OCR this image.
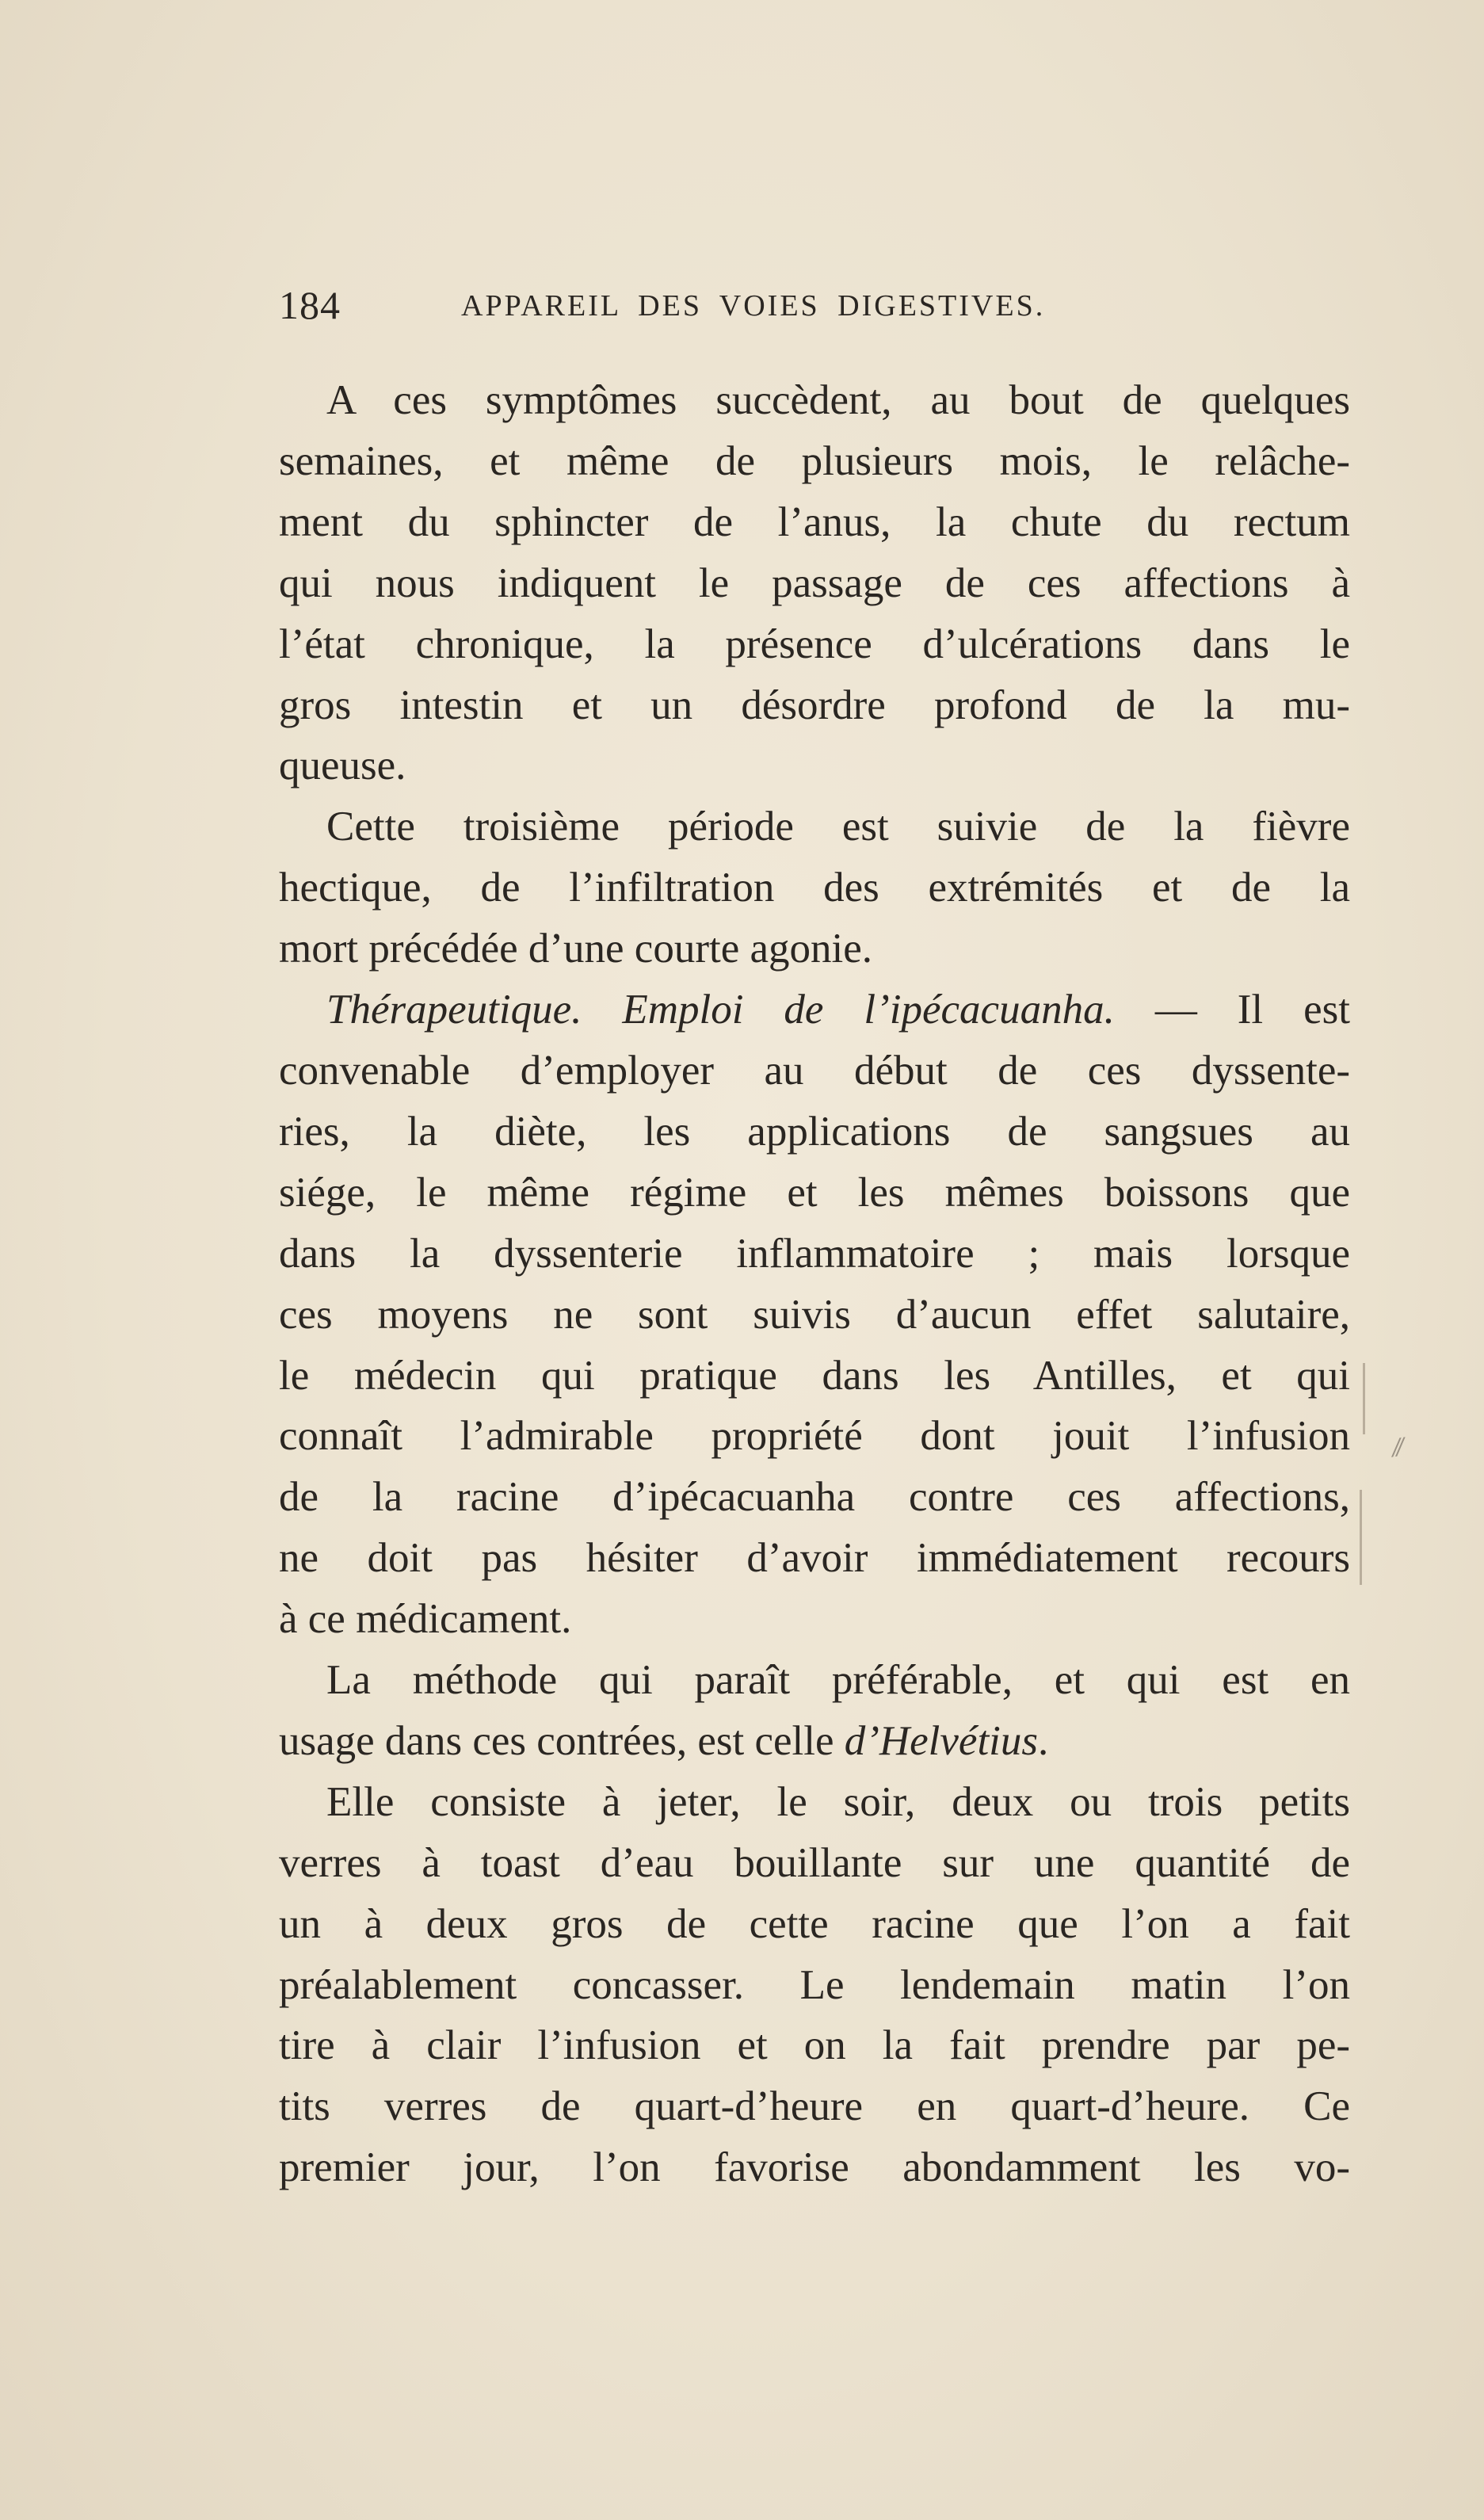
184	APPAREIL DES VOIES DIGESTIVES.

A ces symptômes succèdent, au bout de quelques
semaines, et même de plusieurs mois, le relâche-
ment du sphincter de l’anus, la chute du rectum
qui nous indiquent le passage de ces affections à
l’état chronique, la présence d’ulcérations dans le
gros intestin et un désordre profond de la mu-
queuse.

Cette troisième période est suivie de la fièvre
hectique, de l’infiltration des extrémités et de la
mort précédée d’une courte agonie.

Thérapeutique. Emploi de l’ipécacuanha. — Il est
convenable d’employer au début de ces dyssente-
ries, la diète, les applications de sangsues au
siége, le même régime et les mêmes boissons que
dans la dyssenterie inflammatoire ; mais lorsque
ces moyens ne sont suivis d’aucun effet salutaire,
le médecin qui pratique dans les Antilles, et qui
connaît l’admirable propriété dont jouit l’infusion
de la racine d’ipécacuanha contre ces affections,
ne doit pas hésiter d’avoir immédiatement recours
à ce médicament.

La méthode qui paraît préférable, et qui est en
usage dans ces contrées, est celle d’Helvétius.

Elle consiste à jeter, le soir, deux ou trois petits
verres à toast d’eau bouillante sur une quantité de
un à deux gros de cette racine que l’on a fait
préalablement concasser. Le lendemain matin l’on
tire à clair l’infusion et on la fait prendre par pe-
tits verres de quart-d’heure en quart-d’heure. Ce
premier jour, l’on favorise abondamment les vo-

⁄⁄
